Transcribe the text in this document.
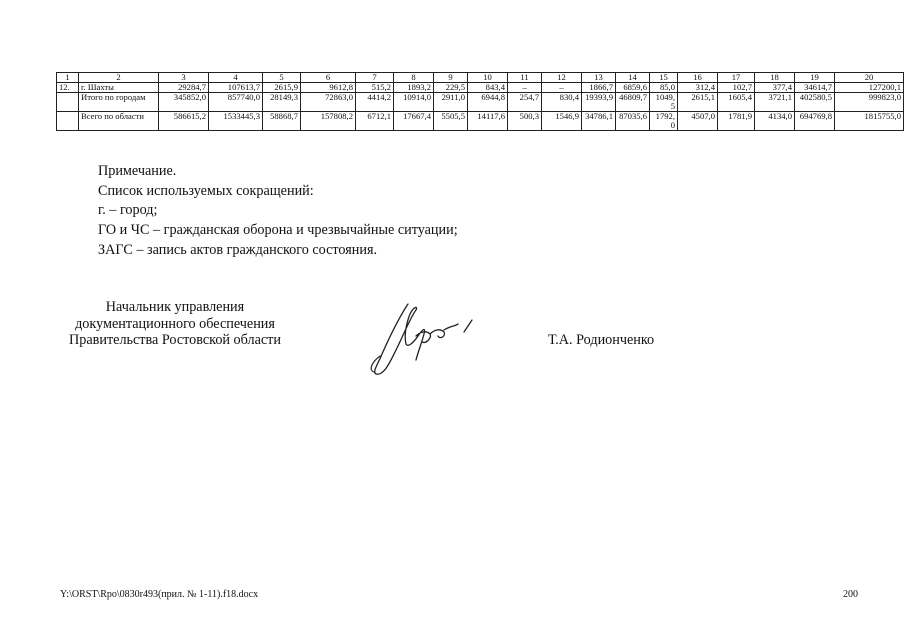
1	2	3	4	5	6	7	8	9	10	11	12	13	14	15	16	17	18	19	20
12.	г. Шахты	29284,7	107613,7	2615,9	9612,8	515,2	1893,2	229,5	843,4	–	–	1866,7	6859,6	85,0	312,4	102,7	377,4	34614,7	127200,1
	Итого по городам	345852,0	857740,0	28149,3	72863,0	4414,2	10914,0	2911,0	6944,8	254,7	830,4	19393,9	46809,7	1049,5	2615,1	1605,4	3721,1	402580,5	999823,0
	Всего по области	586615,2	1533445,3	58868,7	157808,2	6712,1	17667,4	5505,5	14117,6	500,3	1546,9	34786,1	87035,6	1792,0	4507,0	1781,9	4134,0	694769,8	1815755,0
Примечание.
Список используемых сокращений:
г. – город;
ГО и ЧС – гражданская оборона и чрезвычайные ситуации;
ЗАГС – запись актов гражданского состояния.
Начальник управления
документационного обеспечения
Правительства Ростовской области	Т.А. Родионченко
Y:\ORST\Rpo\0830r493(прил. № 1-11).f18.docx	200
